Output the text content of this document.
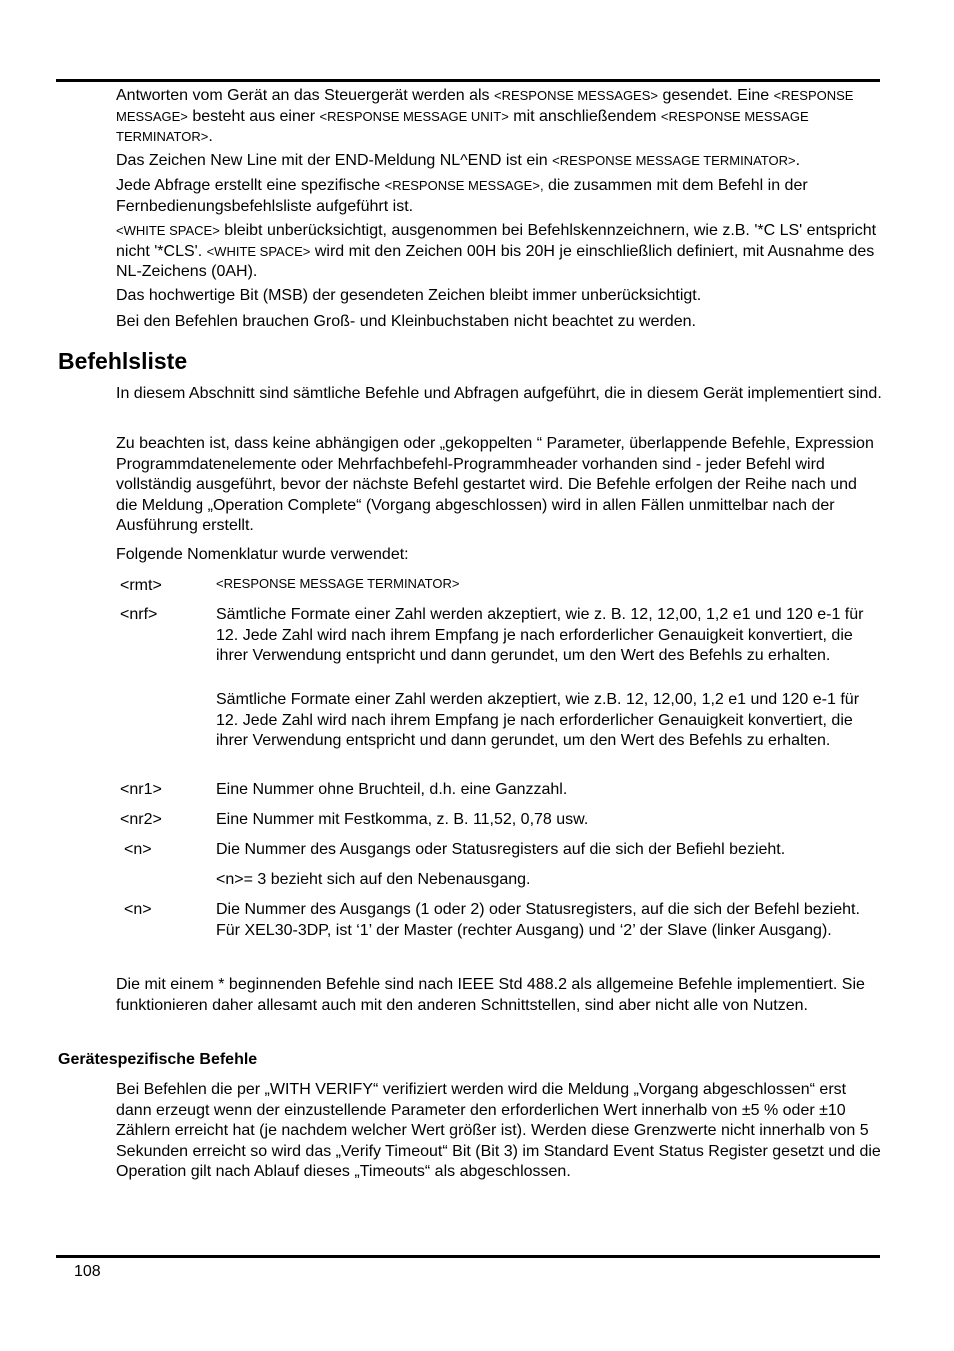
Antworten vom Gerät an das Steuergerät werden als <RESPONSE MESSAGES> gesendet. Eine <RESPONSE MESSAGE> besteht aus einer <RESPONSE MESSAGE UNIT> mit anschließendem <RESPONSE MESSAGE TERMINATOR>.

Das Zeichen New Line mit der END-Meldung NL^END ist ein <RESPONSE MESSAGE TERMINATOR>.

Jede Abfrage erstellt eine spezifische <RESPONSE MESSAGE>, die zusammen mit dem Befehl in der Fernbedienungsbefehlsliste aufgeführt ist.

<WHITE SPACE> bleibt unberücksichtigt, ausgenommen bei Befehlskennzeichnern, wie z.B. '*C LS' entspricht nicht '*CLS'. <WHITE SPACE> wird mit den Zeichen 00H bis 20H je einschließlich definiert, mit Ausnahme des NL-Zeichens (0AH).

Das hochwertige Bit (MSB) der gesendeten Zeichen bleibt immer unberücksichtigt.

Bei den Befehlen brauchen Groß- und Kleinbuchstaben nicht beachtet zu werden.

Befehlsliste

In diesem Abschnitt sind sämtliche Befehle und Abfragen aufgeführt, die in diesem Gerät implementiert sind.

Zu beachten ist, dass keine abhängigen oder „gekoppelten “ Parameter, überlappende Befehle, Expression Programmdatenelemente oder Mehrfachbefehl-Programmheader vorhanden sind - jeder Befehl wird vollständig ausgeführt, bevor der nächste Befehl gestartet wird. Die Befehle erfolgen der Reihe nach und die Meldung „Operation Complete“ (Vorgang abgeschlossen) wird in allen Fällen unmittelbar nach der Ausführung erstellt.

Folgende Nomenklatur wurde verwendet:

<rmt>	<RESPONSE MESSAGE TERMINATOR>
<nrf>	Sämtliche Formate einer Zahl werden akzeptiert, wie z. B. 12, 12,00, 1,2 e1 und 120 e-1 für 12. Jede Zahl wird nach ihrem Empfang je nach erforderlicher Genauigkeit konvertiert, die ihrer Verwendung entspricht und dann gerundet, um den Wert des Befehls zu erhalten.
Sämtliche Formate einer Zahl werden akzeptiert, wie z.B. 12, 12,00, 1,2 e1 und 120 e-1 für 12. Jede Zahl wird nach ihrem Empfang je nach erforderlicher Genauigkeit konvertiert, die ihrer Verwendung entspricht und dann gerundet, um den Wert des Befehls zu erhalten.
<nr1>	Eine Nummer ohne Bruchteil, d.h. eine Ganzzahl.
<nr2>	Eine Nummer mit Festkomma, z. B. 11,52, 0,78 usw.
<n>	Die Nummer des Ausgangs oder Statusregisters auf die sich der Befiehl bezieht.
<n>= 3 bezieht sich auf den Nebenausgang.
<n>	Die Nummer des Ausgangs (1 oder 2) oder Statusregisters, auf die sich der Befehl bezieht. Für XEL30-3DP, ist ‘1’ der Master (rechter Ausgang) und ‘2’ der Slave (linker Ausgang).

Die mit einem * beginnenden Befehle sind nach IEEE Std 488.2 als allgemeine Befehle implementiert. Sie funktionieren daher allesamt auch mit den anderen Schnittstellen, sind aber nicht alle von Nutzen.

Gerätespezifische Befehle

Bei Befehlen die per „WITH VERIFY“ verifiziert werden wird die Meldung „Vorgang abgeschlossen“ erst dann erzeugt wenn der einzustellende Parameter den erforderlichen Wert innerhalb von ±5 % oder ±10 Zählern erreicht hat (je nachdem welcher Wert größer ist). Werden diese Grenzwerte nicht innerhalb von 5 Sekunden erreicht so wird das „Verify Timeout“ Bit (Bit 3) im Standard Event Status Register gesetzt und die Operation gilt nach Ablauf dieses „Timeouts“ als abgeschlossen.

108
